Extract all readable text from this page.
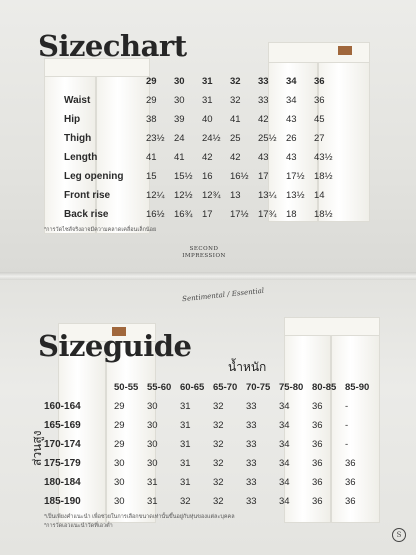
Sizechart
	29	30	31	32	33	34	36
Waist	29	30	31	32	33	34	36
Hip	38	39	40	41	42	43	45
Thigh	23½	24	24½	25	25½	26	27
Length	41	41	42	42	43	43	43½
Leg opening	15	15½	16	16½	17	17½	18½
Front rise	12¼	12½	12¾	13	13¼	13½	14
Back rise	16½	16¾	17	17½	17¾	18	18½
*การวัดไซส์จริงอาจมีความคลาดเคลื่อนเล็กน้อย
SECOND
IMPRESSION
Sentimental / Essential
Sizeguide
น้ำหนัก
ส่วนสูง
	50-55	55-60	60-65	65-70	70-75	75-80	80-85	85-90
160-164	29	30	31	32	33	34	36	-
165-169	29	30	31	32	33	34	36	-
170-174	29	30	31	32	33	34	36	-
175-179	30	30	31	32	33	34	36	36
180-184	30	31	31	32	33	34	36	36
185-190	30	31	32	32	33	34	36	36
*เป็นเพียงคำแนะนำ เพื่อช่วยในการเลือกขนาดเท่านั้นขึ้นอยู่กับหุ่นของแต่ละบุคคล
*การวัดเอวแนะนำวัดที่เอวต่ำ
S
